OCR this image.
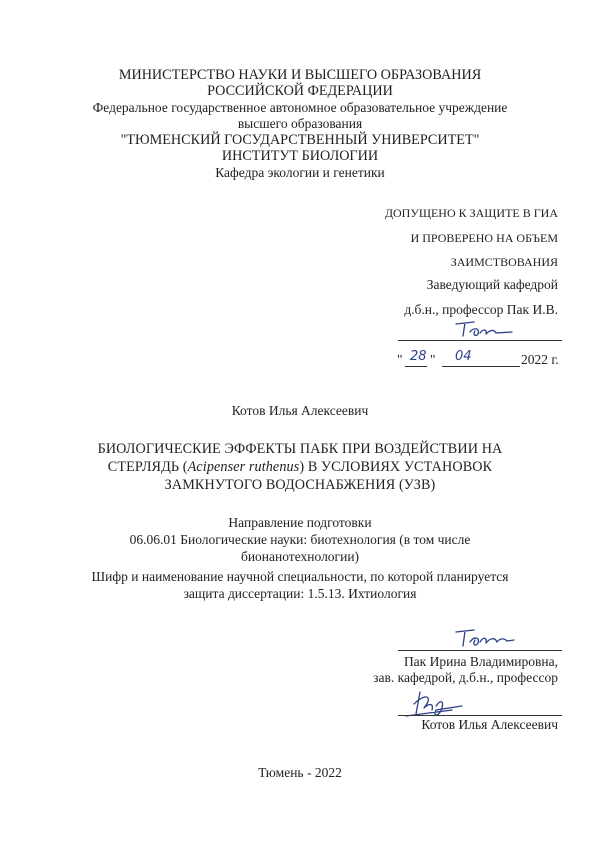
МИНИСТЕРСТВО НАУКИ И ВЫСШЕГО ОБРАЗОВАНИЯ
РОССИЙСКОЙ ФЕДЕРАЦИИ
Федеральное государственное автономное образовательное учреждение
высшего образования
"ТЮМЕНСКИЙ ГОСУДАРСТВЕННЫЙ УНИВЕРСИТЕТ"
ИНСТИТУТ БИОЛОГИИ
Кафедра экологии и генетики
ДОПУЩЕНО К ЗАЩИТЕ В ГИА
И ПРОВЕРЕНО НА ОБЪЕМ
ЗАИМСТВОВАНИЯ
Заведующий кафедрой
д.б.н., профессор Пак И.В.
" 28 " 04	2022 г.
Котов Илья Алексеевич
БИОЛОГИЧЕСКИЕ ЭФФЕКТЫ ПАБК ПРИ ВОЗДЕЙСТВИИ НА
СТЕРЛЯДЬ (Acipenser ruthenus) В УСЛОВИЯХ УСТАНОВОК
ЗАМКНУТОГО ВОДОСНАБЖЕНИЯ (УЗВ)
Направление подготовки
06.06.01 Биологические науки: биотехнология (в том числе
бионанотехнологии)
Шифр и наименование научной специальности, по которой планируется
защита диссертации: 1.5.13. Ихтиология
Пак Ирина Владимировна,
зав. кафедрой, д.б.н., профессор
Котов Илья Алексеевич
Тюмень - 2022
